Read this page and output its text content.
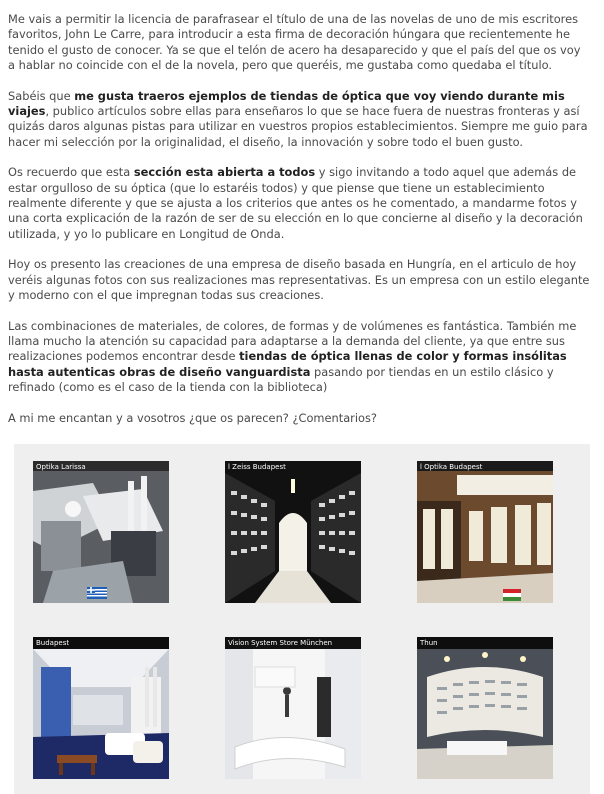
Me vais a permitir la licencia de parafrasear el título de una de las novelas de uno de mis escritores favoritos, John Le Carre, para introducir a esta firma de decoración húngara que recientemente he tenido el gusto de conocer. Ya se que el telón de acero ha desaparecido y que el país del que os voy a hablar no coincide con el de la novela, pero que queréis, me gustaba como quedaba el título.

Sabéis que me gusta traeros ejemplos de tiendas de óptica que voy viendo durante mis viajes, publico artículos sobre ellas para enseñaros lo que se hace fuera de nuestras fronteras y así quizás daros algunas pistas para utilizar en vuestros propios establecimientos. Siempre me guio para hacer mi selección por la originalidad, el diseño, la innovación y sobre todo el buen gusto.

Os recuerdo que esta sección esta abierta a todos y sigo invitando a todo aquel que además de estar orgulloso de su óptica (que lo estaréis todos) y que piense que tiene un establecimiento realmente diferente y que se ajusta a los criterios que antes os he comentado, a mandarme fotos y una corta explicación de la razón de ser de su elección en lo que concierne al diseño y la decoración utilizada, y yo lo publicare en Longitud de Onda.

Hoy os presento las creaciones de una empresa de diseño basada en Hungría, en el articulo de hoy veréis algunas fotos con sus realizaciones mas representativas. Es un empresa con un estilo elegante y moderno con el que impregnan todas sus creaciones.

Las combinaciones de materiales, de colores, de formas y de volúmenes es fantástica. También me llama mucho la atención su capacidad para adaptarse a la demanda del cliente, ya que entre sus realizaciones podemos encontrar desde tiendas de óptica llenas de color y formas insólitas hasta autenticas obras de diseño vanguardista pasando por tiendas en un estilo clásico y refinado (como es el caso de la tienda con la biblioteca)

A mi me encantan y a vosotros ¿que os parecen? ¿Comentarios?

Optika Larissa	l Zeiss Budapest	l Optika Budapest
Budapest	Vision System Store München	Thun
